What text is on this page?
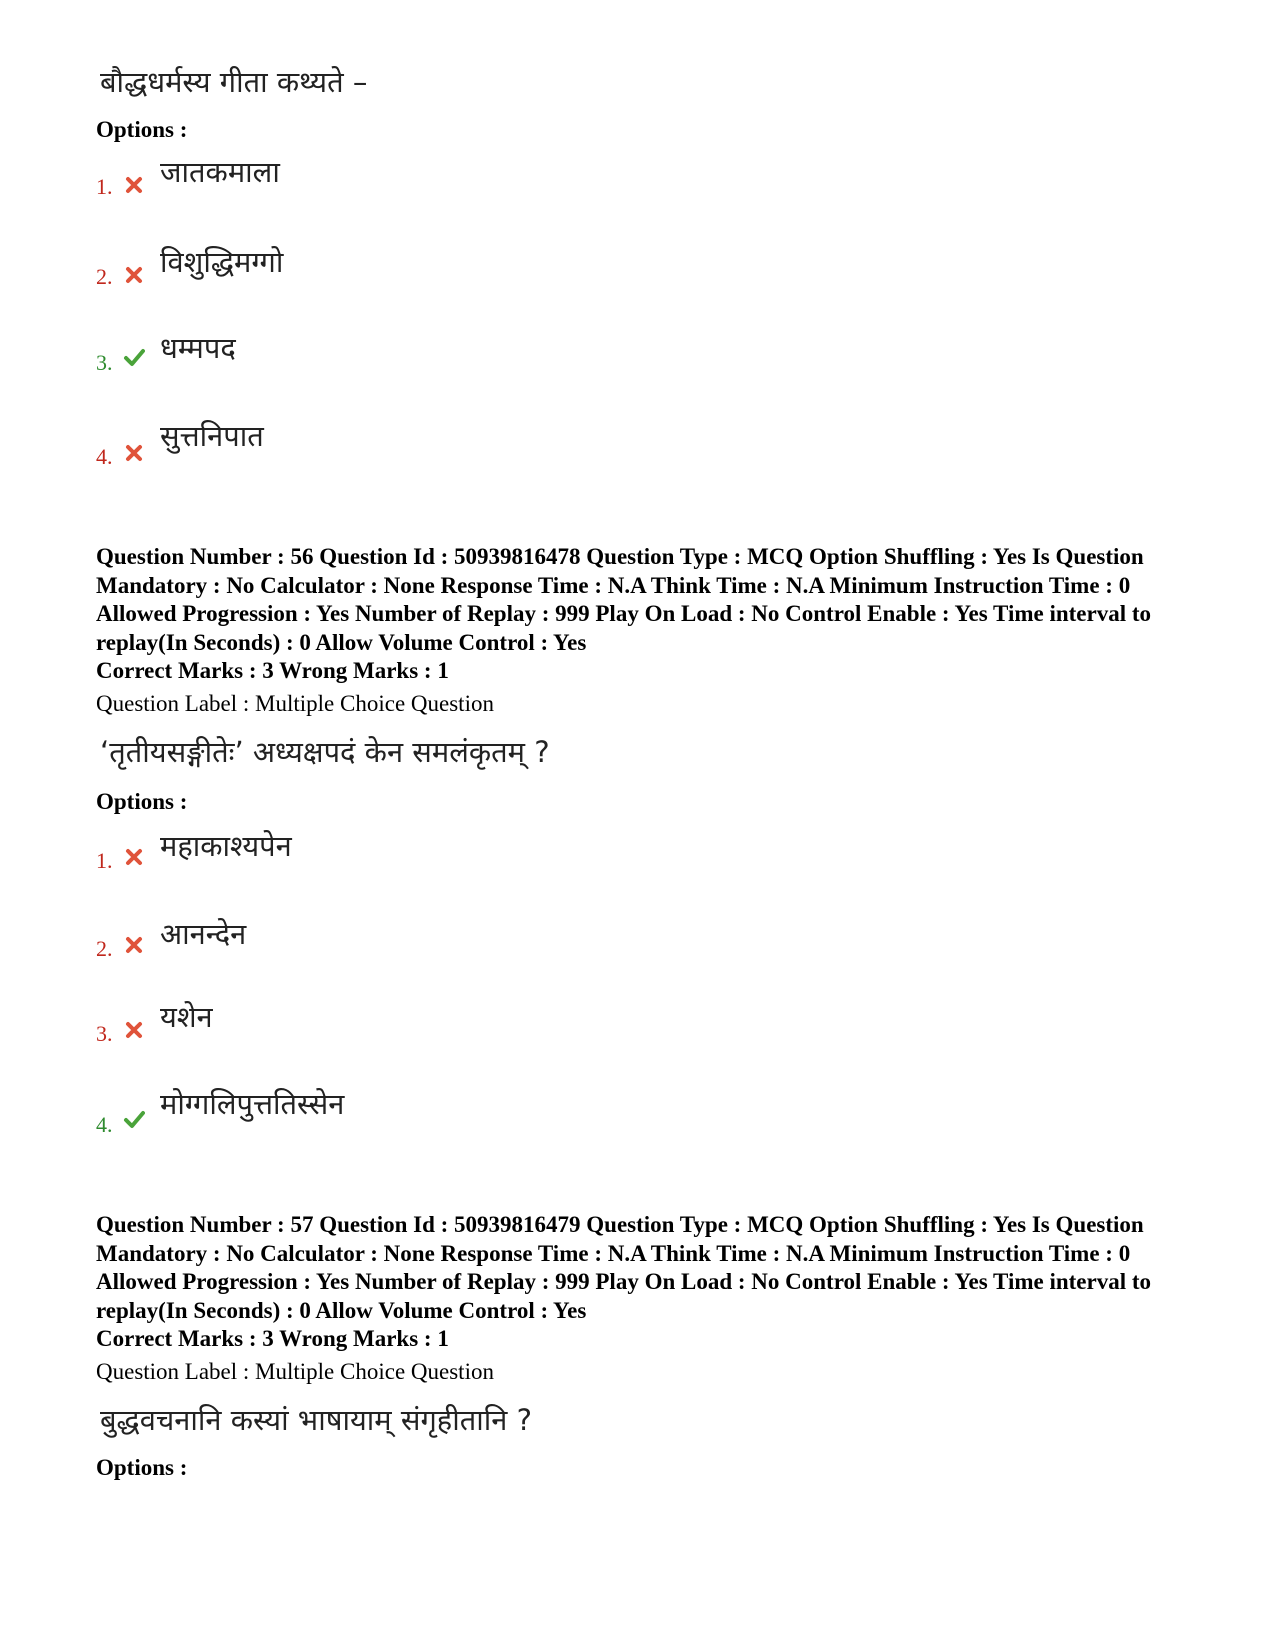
बौद्धधर्मस्य गीता कथ्यते –
Options :
1. जातकमाला
2. विशुद्धिमग्गो
3. धम्मपद
4.
सुत्तनिपात
Question Number : 56 Question Id : 50939816478 Question Type : MCQ Option Shuffling : Yes Is Question Mandatory : No Calculator : None Response Time : N.A Think Time : N.A Minimum Instruction Time : 0 Allowed Progression : Yes Number of Replay : 999 Play On Load : No Control Enable : Yes Time interval to replay(In Seconds) : 0 Allow Volume Control : Yes
Correct Marks : 3 Wrong Marks : 1
Question Label : Multiple Choice Question
‘तृतीयसङ्गीतेः’ अध्यक्षपदं केन समलंकृतम् ?
Options :
1. महाकाश्यपेन
2. आनन्देन
3. यशेन
4.
मोग्गलिपुत्ततिस्सेन
Question Number : 57 Question Id : 50939816479 Question Type : MCQ Option Shuffling : Yes Is Question Mandatory : No Calculator : None Response Time : N.A Think Time : N.A Minimum Instruction Time : 0 Allowed Progression : Yes Number of Replay : 999 Play On Load : No Control Enable : Yes Time interval to replay(In Seconds) : 0 Allow Volume Control : Yes
Correct Marks : 3 Wrong Marks : 1
Question Label : Multiple Choice Question
बुद्धवचनानि कस्यां भाषायाम् संगृहीतानि ?
Options :
